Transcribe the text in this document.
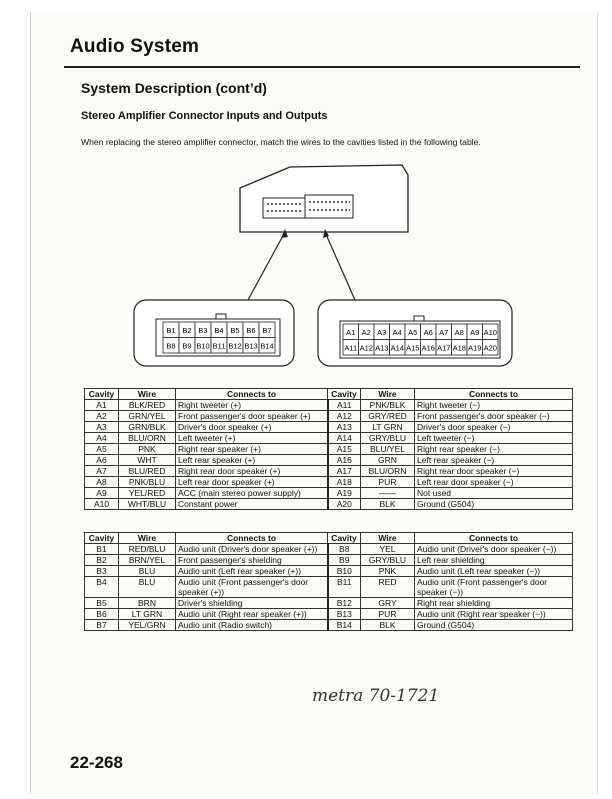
Audio System
System Description (cont’d)
Stereo Amplifier Connector Inputs and Outputs
When replacing the stereo amplifier connector, match the wires to the cavities listed in the following table.
B1 B2 B3 B4 B5 B6 B7
B8 B9 B10 B11 B12 B13 B14
A1 A2 A3 A4 A5 A6 A7 A8 A9 A10
A11 A12 A13 A14 A15 A16 A17 A18 A19 A20
Cavity	Wire	Connects to	Cavity	Wire	Connects to
A1	BLK/RED	Right tweeter (+)	A11	PNK/BLK	Right tweeter (−)
A2	GRN/YEL	Front passenger's door speaker (+)	A12	GRY/RED	Front passenger's door speaker (−)
A3	GRN/BLK	Driver's door speaker (+)	A13	LT GRN	Driver's door speaker (−)
A4	BLU/ORN	Left tweeter (+)	A14	GRY/BLU	Left tweeter (−)
A5	PNK	Right rear speaker (+)	A15	BLU/YEL	Right rear speaker (−)
A6	WHT	Left rear speaker (+)	A16	GRN	Left rear speaker (−)
A7	BLU/RED	Right rear door speaker (+)	A17	BLU/ORN	Right rear door speaker (−)
A8	PNK/BLU	Left rear door speaker (+)	A18	PUR	Left rear door speaker (−)
A9	YEL/RED	ACC (main stereo power supply)	A19	——	Not used
A10	WHT/BLU	Constant power	A20	BLK	Ground (G504)
Cavity	Wire	Connects to	Cavity	Wire	Connects to
B1	RED/BLU	Audio unit (Driver's door speaker (+))	B8	YEL	Audio unit (Driver's door speaker (−))
B2	BRN/YEL	Front passenger's shielding	B9	GRY/BLU	Left rear shielding
B3	BLU	Audio unit (Left rear speaker (+))	B10	PNK	Audio unit (Left rear speaker (−))
B4	BLU	Audio unit (Front passenger's door speaker (+))	B11	RED	Audio unit (Front passenger's door speaker (−))
B5	BRN	Driver's shielding	B12	GRY	Right rear shielding
B6	LT GRN	Audio unit (Right rear speaker (+))	B13	PUR	Audio unit (Right rear speaker (−))
B7	YEL/GRN	Audio unit (Radio switch)	B14	BLK	Ground (G504)
metra 70-1721
22-268
